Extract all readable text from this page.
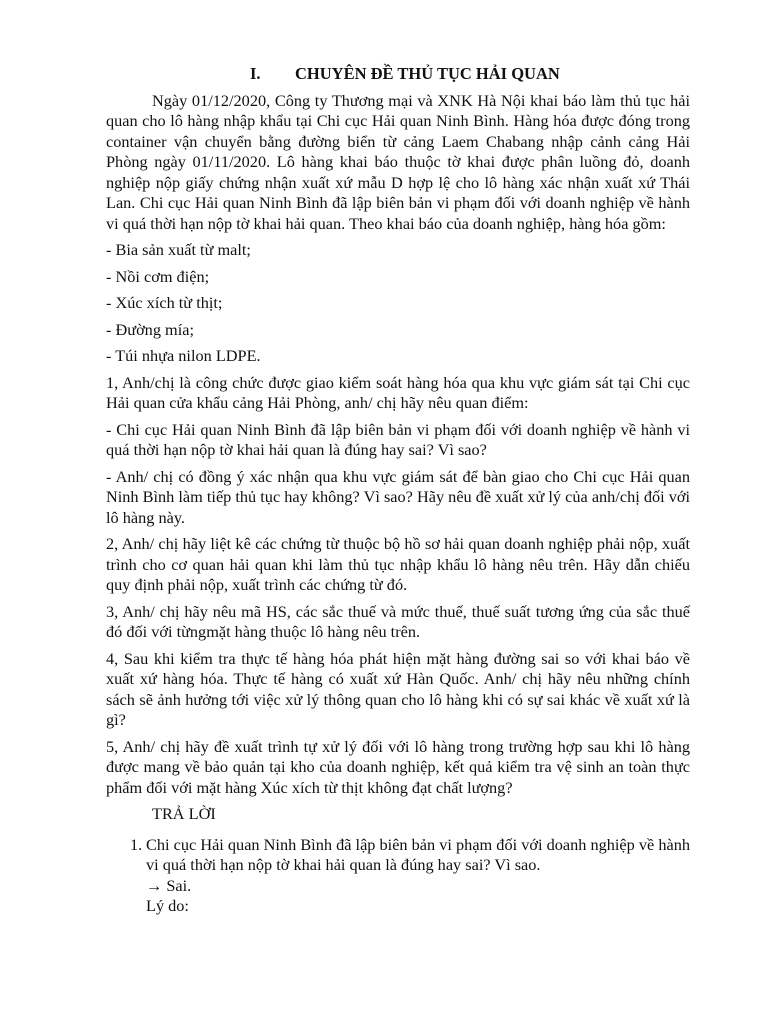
I. CHUYÊN ĐỀ THỦ TỤC HẢI QUAN

Ngày 01/12/2020, Công ty Thương mại và XNK Hà Nội khai báo làm thủ tục hải quan cho lô hàng nhập khẩu tại Chi cục Hải quan Ninh Bình. Hàng hóa được đóng trong container vận chuyển bằng đường biển từ cảng Laem Chabang nhập cảnh cảng Hải Phòng ngày 01/11/2020. Lô hàng khai báo thuộc tờ khai được phân luồng đỏ, doanh nghiệp nộp giấy chứng nhận xuất xứ mẫu D hợp lệ cho lô hàng xác nhận xuất xứ Thái Lan. Chi cục Hải quan Ninh Bình đã lập biên bản vi phạm đối với doanh nghiệp về hành vi quá thời hạn nộp tờ khai hải quan. Theo khai báo của doanh nghiệp, hàng hóa gồm:

- Bia sản xuất từ malt;

- Nồi cơm điện;

- Xúc xích từ thịt;

- Đường mía;

- Túi nhựa nilon LDPE.

1, Anh/chị là công chức được giao kiểm soát hàng hóa qua khu vực giám sát tại Chi cục Hải quan cửa khẩu cảng Hải Phòng, anh/ chị hãy nêu quan điểm:

- Chi cục Hải quan Ninh Bình đã lập biên bản vi phạm đối với doanh nghiệp về hành vi quá thời hạn nộp tờ khai hải quan là đúng hay sai? Vì sao?

- Anh/ chị có đồng ý xác nhận qua khu vực giám sát để bàn giao cho Chi cục Hải quan Ninh Bình làm tiếp thủ tục hay không? Vì sao? Hãy nêu đề xuất xử lý của anh/chị đối với lô hàng này.

2, Anh/ chị hãy liệt kê các chứng từ thuộc bộ hồ sơ hải quan doanh nghiệp phải nộp, xuất trình cho cơ quan hải quan khi làm thủ tục nhập khẩu lô hàng nêu trên. Hãy dẫn chiếu quy định phải nộp, xuất trình các chứng từ đó.

3, Anh/ chị hãy nêu mã HS, các sắc thuế và mức thuế, thuế suất tương ứng của sắc thuế đó đối với từngmặt hàng thuộc lô hàng nêu trên.

4, Sau khi kiểm tra thực tế hàng hóa phát hiện mặt hàng đường sai so với khai báo về xuất xứ hàng hóa. Thực tế hàng có xuất xứ Hàn Quốc. Anh/ chị hãy nêu những chính sách sẽ ảnh hưởng tới việc xử lý thông quan cho lô hàng khi có sự sai khác về xuất xứ là gì?

5, Anh/ chị hãy đề xuất trình tự xử lý đối với lô hàng trong trường hợp sau khi lô hàng được mang về bảo quản tại kho của doanh nghiệp, kết quả kiểm tra vệ sinh an toàn thực phẩm đối với mặt hàng Xúc xích từ thịt không đạt chất lượng?

TRẢ LỜI

1. Chi cục Hải quan Ninh Bình đã lập biên bản vi phạm đối với doanh nghiệp về hành vi quá thời hạn nộp tờ khai hải quan là đúng hay sai? Vì sao.

→ Sai.

Lý do:
